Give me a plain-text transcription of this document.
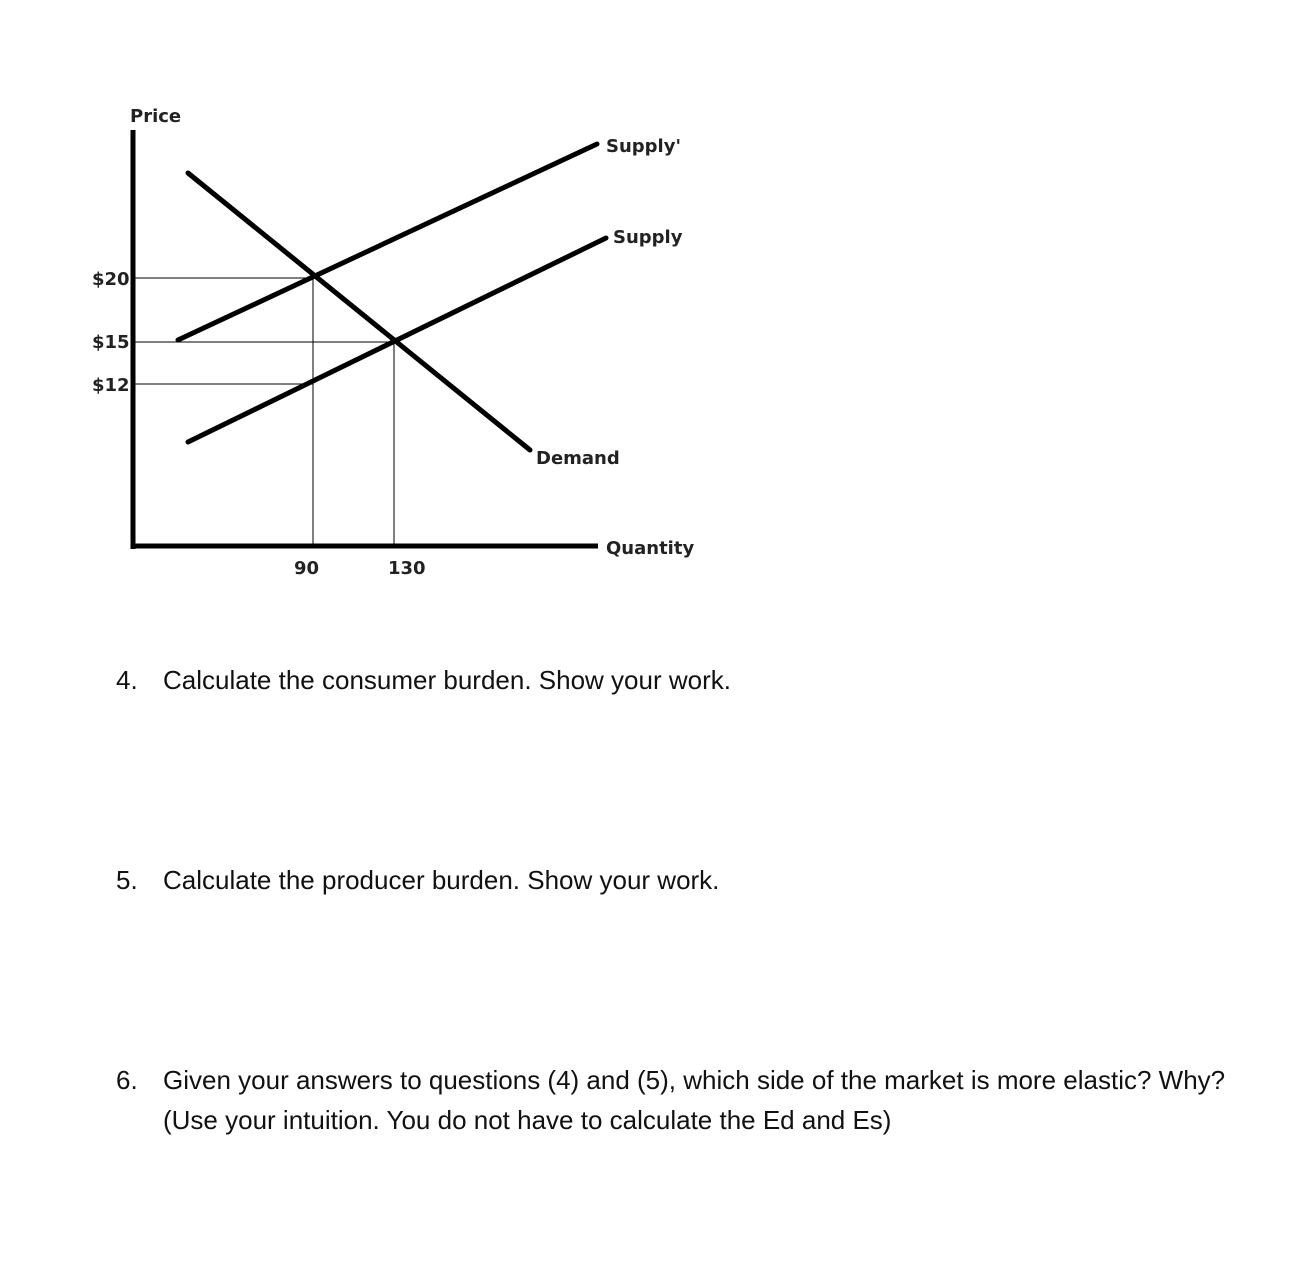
Price
Supply'
Supply
Demand
Quantity
$20
$15
$12
90	130
4. Calculate the consumer burden. Show your work.
5. Calculate the producer burden. Show your work.
6. Given your answers to questions (4) and (5), which side of the market is more elastic? Why? (Use your intuition. You do not have to calculate the Ed and Es)
